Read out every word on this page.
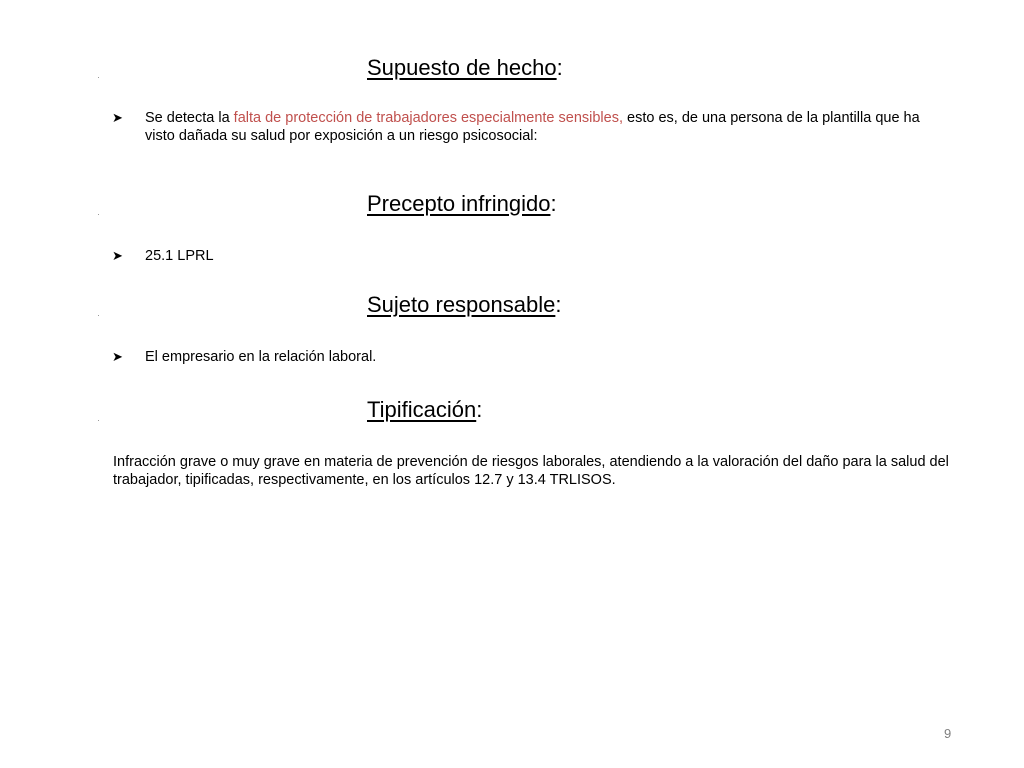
Supuesto de hecho:
➤	Se detecta la falta de protección de trabajadores especialmente sensibles, esto es, de una persona de la plantilla que ha visto dañada su salud por exposición a un riesgo psicosocial:
Precepto infringido:
➤	25.1 LPRL
Sujeto responsable:
➤	El empresario en la relación laboral.
Tipificación:
Infracción grave o muy grave en materia de prevención de riesgos laborales, atendiendo a la valoración del daño para la salud del trabajador, tipificadas, respectivamente, en los artículos 12.7 y 13.4 TRLISOS.
9
